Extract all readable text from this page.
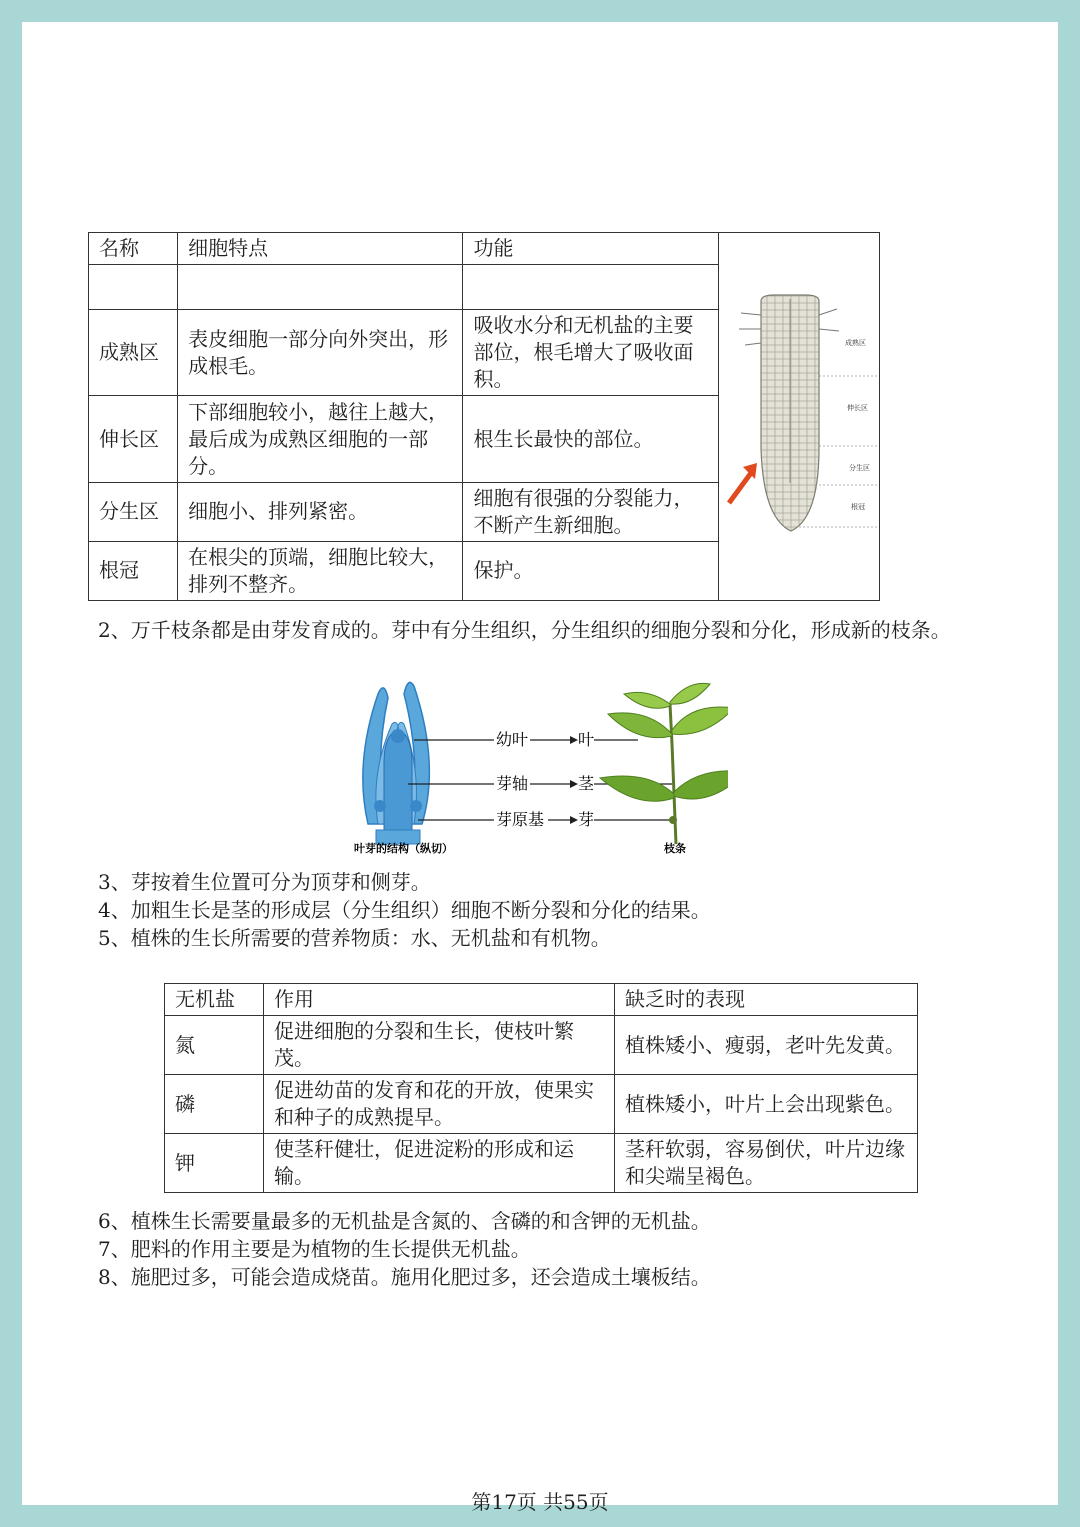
名称	细胞特点	功能	成熟区
伸长区
分生区
根冠

成熟区	表皮细胞一部分向外突出，形成根毛。	吸收水分和无机盐的主要部位，根毛增大了吸收面积。	
伸长区	下部细胞较小，越往上越大，最后成为成熟区细胞的一部分。	根生长最快的部位。	
分生区	细胞小、排列紧密。	细胞有很强的分裂能力，不断产生新细胞。	
根冠	在根尖的顶端，细胞比较大，排列不整齐。	保护。	
2、万千枝条都是由芽发育成的。芽中有分生组织，分生组织的细胞分裂和分化，形成新的枝条。
幼叶
芽轴
芽原基
叶
茎
芽
叶芽的结构（纵切）	枝条
3、芽按着生位置可分为顶芽和侧芽。
4、加粗生长是茎的形成层（分生组织）细胞不断分裂和分化的结果。
5、植株的生长所需要的营养物质：水、无机盐和有机物。
无机盐	作用	缺乏时的表现
氮	促进细胞的分裂和生长，使枝叶繁茂。	植株矮小、瘦弱，老叶先发黄。
磷	促进幼苗的发育和花的开放，使果实和种子的成熟提早。	植株矮小，叶片上会出现紫色。
钾	使茎秆健壮，促进淀粉的形成和运输。	茎秆软弱，容易倒伏，叶片边缘和尖端呈褐色。
6、植株生长需要量最多的无机盐是含氮的、含磷的和含钾的无机盐。
7、肥料的作用主要是为植物的生长提供无机盐。
8、施肥过多，可能会造成烧苗。施用化肥过多，还会造成土壤板结。
第17页 共55页
